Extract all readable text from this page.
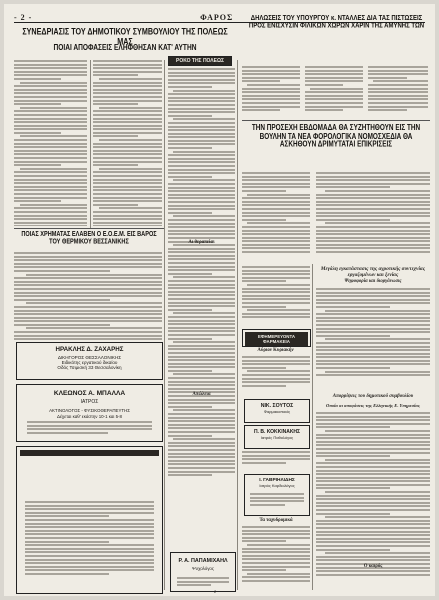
- 2 -	ΦΑΡΟΣ
ΣΥΝΕΔΡΙΑΣΙΣ ΤΟΥ ΔΗΜΟΤΙΚΟΥ ΣΥΜΒΟΥΛΙΟΥ ΤΗΣ ΠΟΛΕΩΣ ΜΑΣ
ΠΟΙΑΙ ΑΠΟΦΑΣΕΙΣ ΕΛΗΦΘΗΣΑΝ ΚΑΤ' ΑΥΤΗΝ
ΔΗΛΩΣΕΙΣ ΤΟΥ ΥΠΟΥΡΓΟΥ κ. ΝΤΑΛΛΕΣ ΔΙΑ ΤΑΣ ΠΙΣΤΩΣΕΙΣ ΠΡΟΣ ΕΝΙΣΧΥΣΙΝ ΦΙΛΙΚΩΝ ΧΩΡΩΝ ΧΑΡΙΝ ΤΗΣ ΑΜΥΝΗΣ ΤΩΝ
ΡΟΚΟ ΤΗΣ ΠΟΛΕΩΣ
ΠΟΙΑΣ ΧΡΗΜΑΤΑΣ ΕΛΑΒΕΝ Ο Ε.Ο.Ε.Μ. ΕΙΣ ΒΑΡΟΣ ΤΟΥ ΘΕΡΜΙΚΟΥ ΒΕΣΣΑΝΙΚΗΣ
ΗΡΑΚΛΗΣ Δ. ΖΑΧΑΡΗΣ
ΔΙΚΗΓΟΡΟΣ ΘΕΣΣΑΛΟΝΙΚΗΣ
Ειδικότης εργατικού δικαίου
Οδός Τσιμισκή 33 Θεσσαλονίκη
ΚΛΕΩΝΟΣ Α. ΜΠΑΛΛΑ
ΙΑΤΡΟΣ
ΑΚΤΙΝΟΛΟΓΟΣ - ΦΥΣΙΚΟΘΕΡΑΠΕΥΤΗΣ
Δέχεται καθ' εκάστην 10-1 και 5-8
Αι θεραπείαι
Απώλεια
Ρ. Α. ΠΑΠΑΜΙΧΑΗΛ
Ψυχολόγος
ΤΗΝ ΠΡΟΣΕΧΗ ΕΒΔΟΜΑΔΑ ΘΑ ΣΥΖΗΤΗΘΟΥΝ ΕΙΣ ΤΗΝ ΒΟΥΛΗΝ ΤΑ ΝΕΑ ΦΟΡΟΛΟΓΙΚΑ ΝΟΜΟΣΧΕΔΙΑ ΘΑ ΑΣΚΗΘΟΥΝ ΔΡΙΜΥΤΑΤΑΙ ΕΠΙΚΡΙΣΕΙΣ
Μεγάλη εγκατάστασις της αγροτικής συντεχνίας εργαζομένων και ξενίας
Ψηφοφορία και διοργάνωσις
Απορρίψεις του δημοτικού συμβουλίου
Οποία αι αποφάσεις της Ελληνικής Ε. Υπηρεσίας
ΕΦΗΜΕΡΕΥΟΝΤΑ ΦΑΡΜΑΚΕΙΑ
Αύριον Κυριακήν
ΝΙΚ. ΣΟΥΤΟΣ
Φαρμακοποιός
Π. Β. ΚΟΚΚΙΝΑΚΗΣ
Ιατρός Παθολόγος
Ι. ΓΑΒΡΙΗΛΙΔΗΣ
Ιατρός Καρδιολόγος
Τα ταχυδρομικά
Ο καιρός
2
